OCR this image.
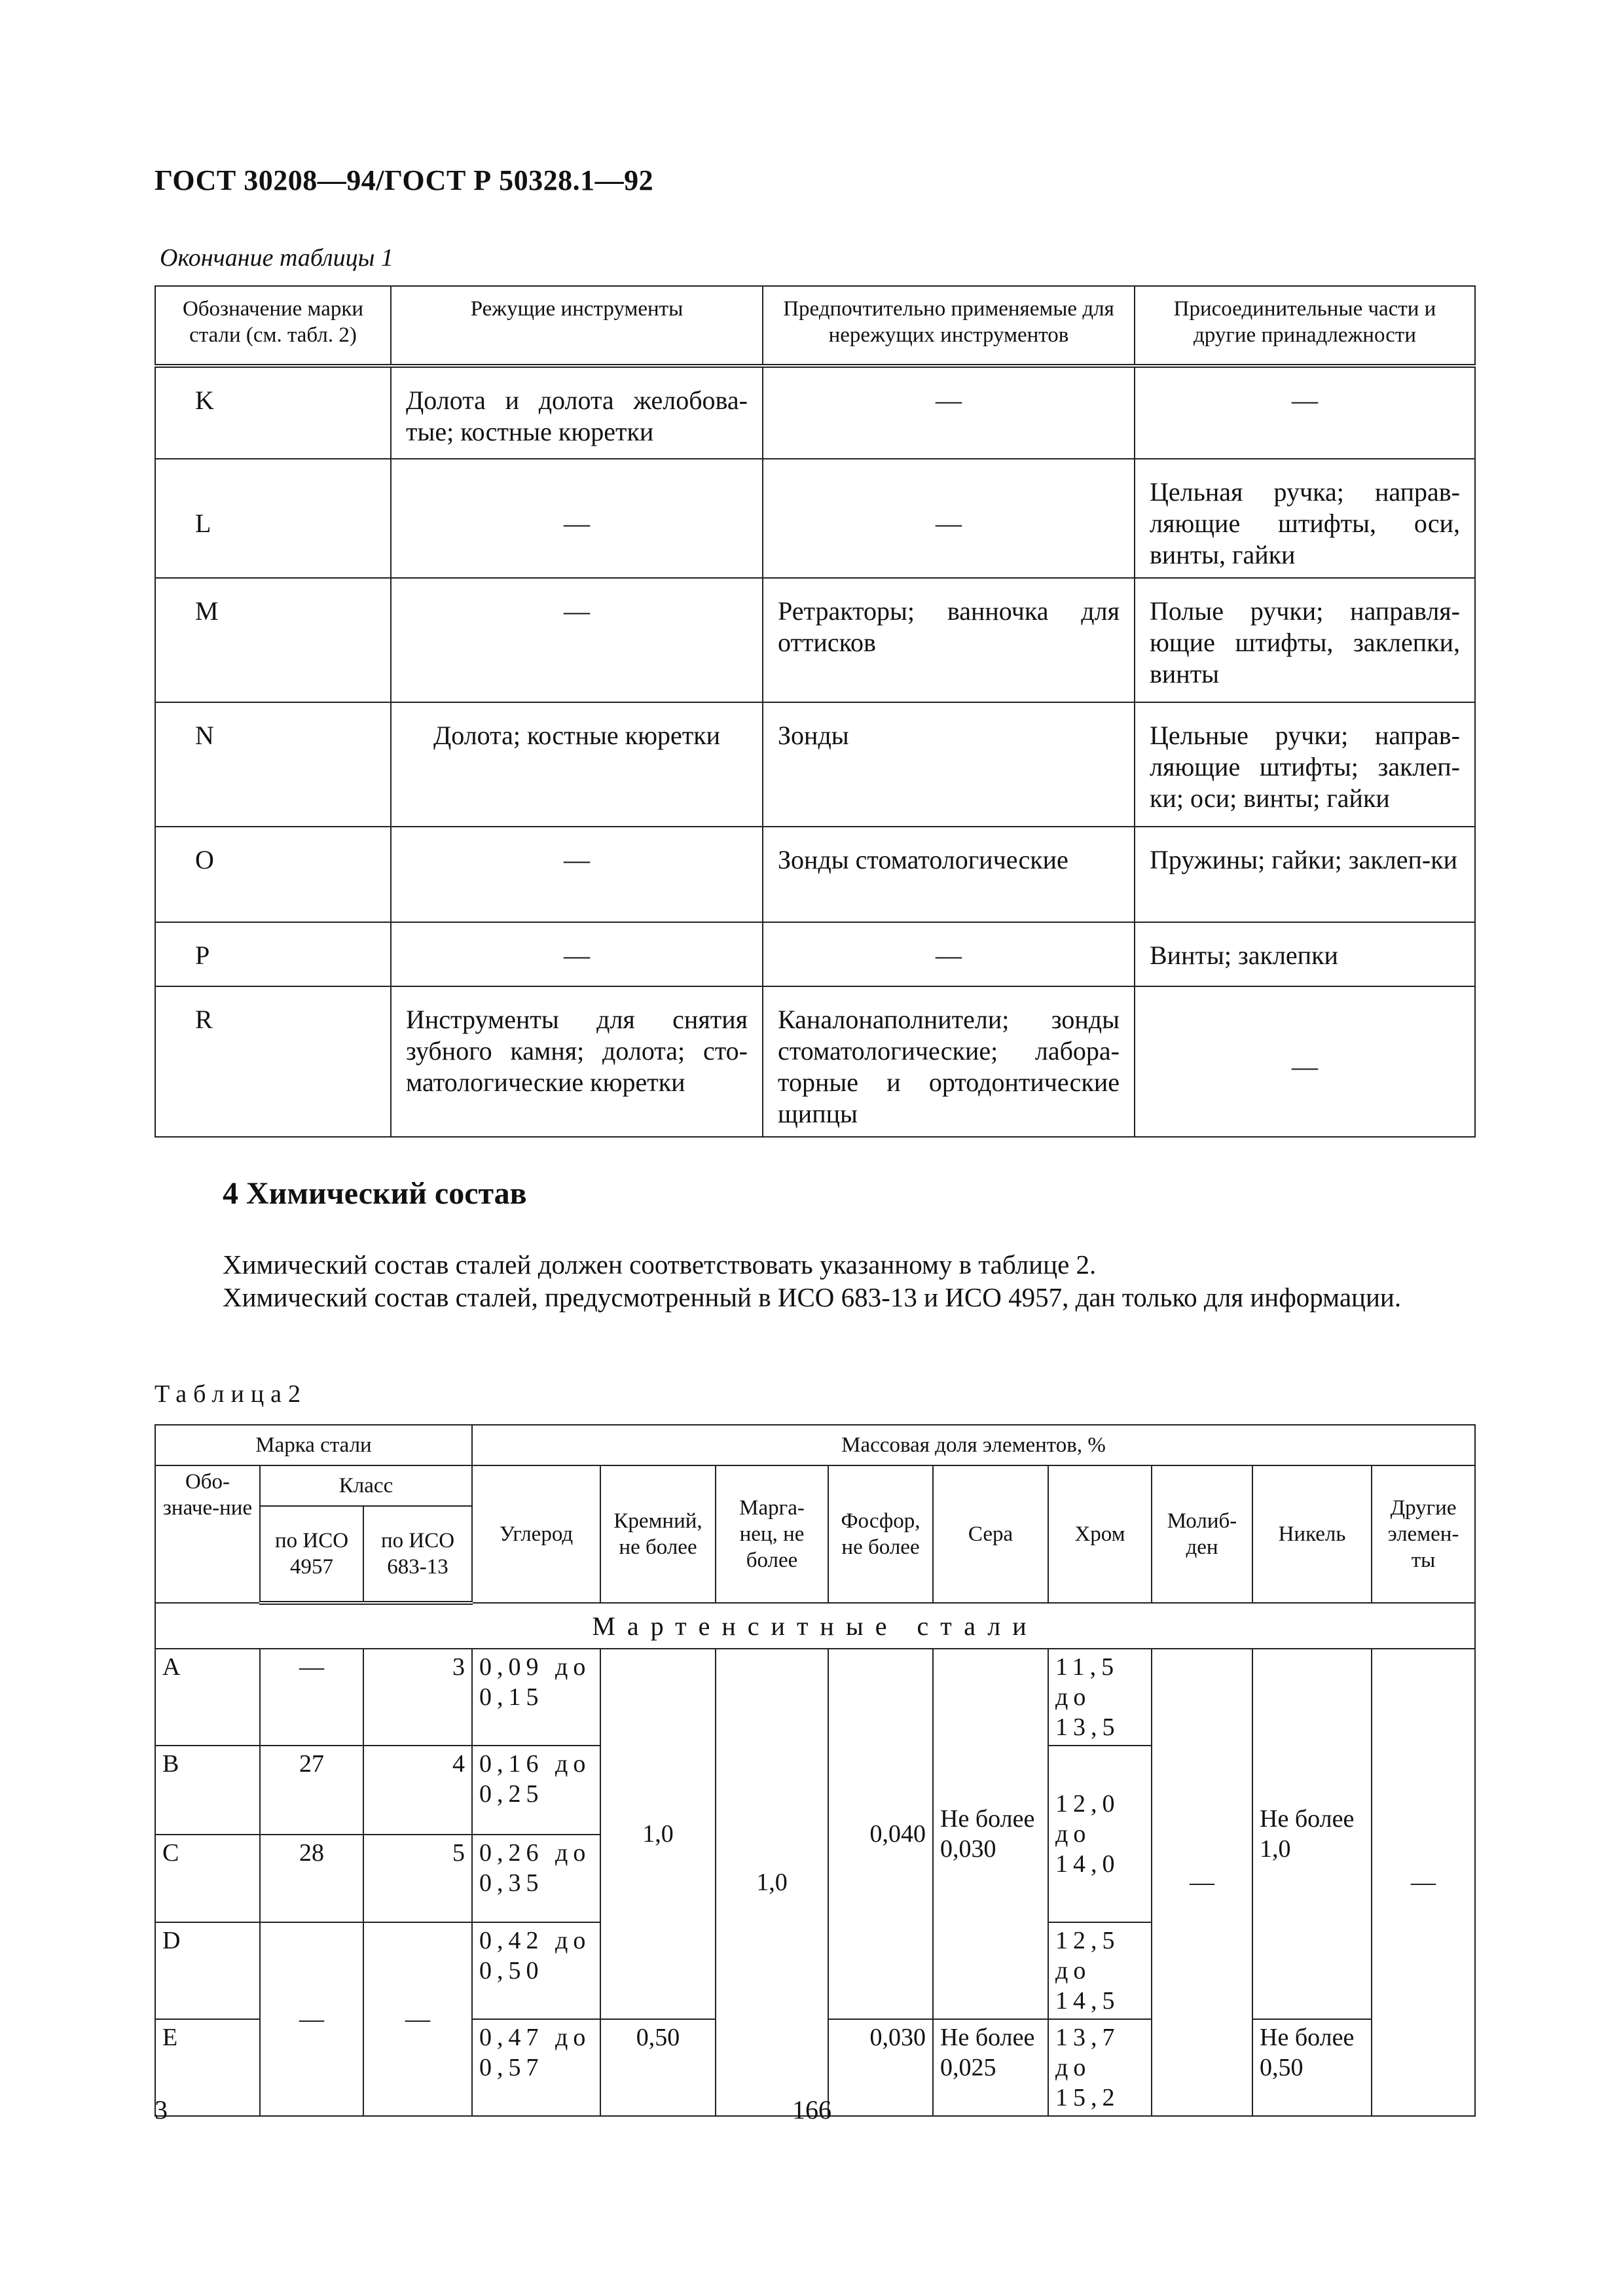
ГОСТ 30208—94/ГОСТ Р 50328.1—92
Окончание таблицы 1
Обозначение марки стали (см. табл. 2)	Режущие инструменты	Предпочтительно применяемые для нережущих инструментов	Присоединительные части и другие принадлежности
K	Долота и долота желобова-тые; костные кюретки	—	—
L	—	—	Цельная ручка; направ-ляющие штифты, оси, винты, гайки
M	—	Ретракторы; ванночка для оттисков	Полые ручки; направля-ющие штифты, заклепки, винты
N	Долота; костные кюретки	Зонды	Цельные ручки; направ-ляющие штифты; заклеп-ки; оси; винты; гайки
O	—	Зонды стоматологические	Пружины; гайки; заклеп-ки
P	—	—	Винты; заклепки
R	Инструменты для снятия зубного камня; долота; сто-матологические кюретки	Каналонаполнители; зонды стоматологические; лабора-торные и ортодонтические щипцы	—
4 Химический состав
Химический состав сталей должен соответствовать указанному в таблице 2.
Химический состав сталей, предусмотренный в ИСО 683-13 и ИСО 4957, дан только для информации.
Таблица2
Марка стали			Массовая доля элементов, %								
Обо-значе-ние	Класс		Углерод	Кремний, не более	Марга-нец, не более	Фосфор, не более	Сера	Хром	Молиб-ден	Никель	Другие элемен-ты
	по ИСО 4957	по ИСО 683-13									
Мартенситные стали											
A	—	3	0,09 до 0,15	1,0	1,0	0,040	Не более 0,030	11,5 до 13,5	—	Не более 1,0	—
B	27	4	0,16 до 0,25					12,0 до 14,0			
C	28	5	0,26 до 0,35								
D	—	—	0,42 до 0,50					12,5 до 14,5			
E			0,47 до 0,57	0,50		0,030	Не более 0,025	13,7 до 15,2		Не более 0,50	
3	166
